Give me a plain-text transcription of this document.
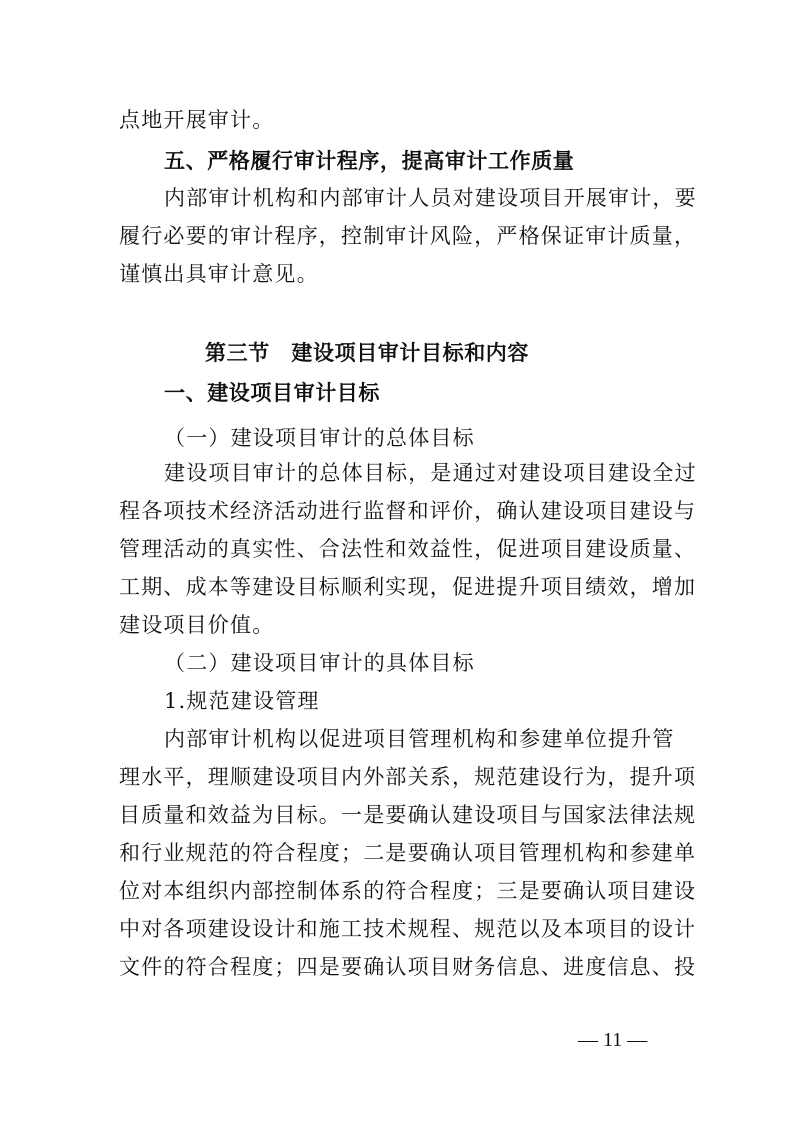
点地开展审计。
五、严格履行审计程序，提高审计工作质量
内部审计机构和内部审计人员对建设项目开展审计，要
履行必要的审计程序，控制审计风险，严格保证审计质量，
谨慎出具审计意见。
第三节　建设项目审计目标和内容
一、建设项目审计目标
（一）建设项目审计的总体目标
建设项目审计的总体目标，是通过对建设项目建设全过
程各项技术经济活动进行监督和评价，确认建设项目建设与
管理活动的真实性、合法性和效益性，促进项目建设质量、
工期、成本等建设目标顺利实现，促进提升项目绩效，增加
建设项目价值。
（二）建设项目审计的具体目标
1.规范建设管理
内部审计机构以促进项目管理机构和参建单位提升管
理水平，理顺建设项目内外部关系，规范建设行为，提升项
目质量和效益为目标。一是要确认建设项目与国家法律法规
和行业规范的符合程度；二是要确认项目管理机构和参建单
位对本组织内部控制体系的符合程度；三是要确认项目建设
中对各项建设设计和施工技术规程、规范以及本项目的设计
文件的符合程度；四是要确认项目财务信息、进度信息、投
— 11 —
